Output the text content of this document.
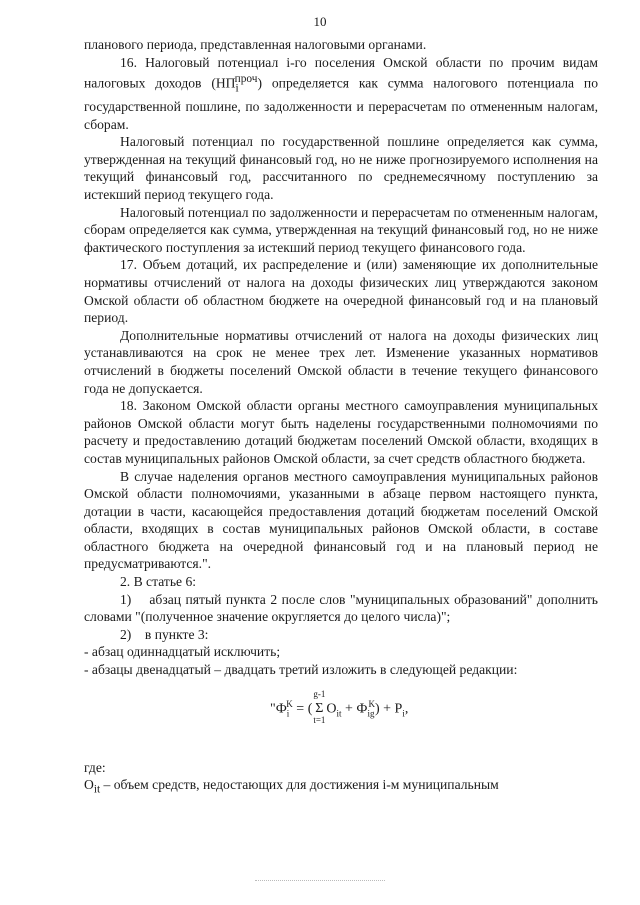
10

планового периода, представленная налоговыми органами.

16. Налоговый потенциал i-го поселения Омской области по прочим видам налоговых доходов $(НП_i^{проч})$ определяется как сумма налогового потенциала по государственной пошлине, по задолженности и перерасчетам по отмененным налогам, сборам.

Налоговый потенциал по государственной пошлине определяется как сумма, утвержденная на текущий финансовый год, но не ниже прогнозируемого исполнения на текущий финансовый год, рассчитанного по среднемесячному поступлению за истекший период текущего года.

Налоговый потенциал по задолженности и перерасчетам по отмененным налогам, сборам определяется как сумма, утвержденная на текущий финансовый год, но не ниже фактического поступления за истекший период текущего финансового года.

17. Объем дотаций, их распределение и (или) заменяющие их дополнительные нормативы отчислений от налога на доходы физических лиц утверждаются законом Омской области об областном бюджете на очередной финансовый год и на плановый период.

Дополнительные нормативы отчислений от налога на доходы физических лиц устанавливаются на срок не менее трех лет. Изменение указанных нормативов отчислений в бюджеты поселений Омской области в течение текущего финансового года не допускается.

18. Законом Омской области органы местного самоуправления муниципальных районов Омской области могут быть наделены государственными полномочиями по расчету и предоставлению дотаций бюджетам поселений Омской области, входящих в состав муниципальных районов Омской области, за счет средств областного бюджета.

В случае наделения органов местного самоуправления муниципальных районов Омской области полномочиями, указанными в абзаце первом настоящего пункта, дотации в части, касающейся предоставления дотаций бюджетам поселений Омской области, входящих в состав муниципальных районов Омской области, в составе областного бюджета на очередной финансовый год и на плановый период не предусматриваются.".

2. В статье 6:

1)    абзац пятый пункта 2 после слов "муниципальных образований" дополнить словами "(полученное значение округляется до целого числа)";

2)    в пункте 3:

- абзац одиннадцатый исключить;

- абзацы двенадцатый – двадцать третий изложить в следующей редакции:

"$Ф_i^K$ = (
g-1
Σ
t=1
$O_{it} + Ф_{ig}^K) + P_i$,

где:

$O_{it}$ – объем средств, недостающих для достижения i-м муниципальным
